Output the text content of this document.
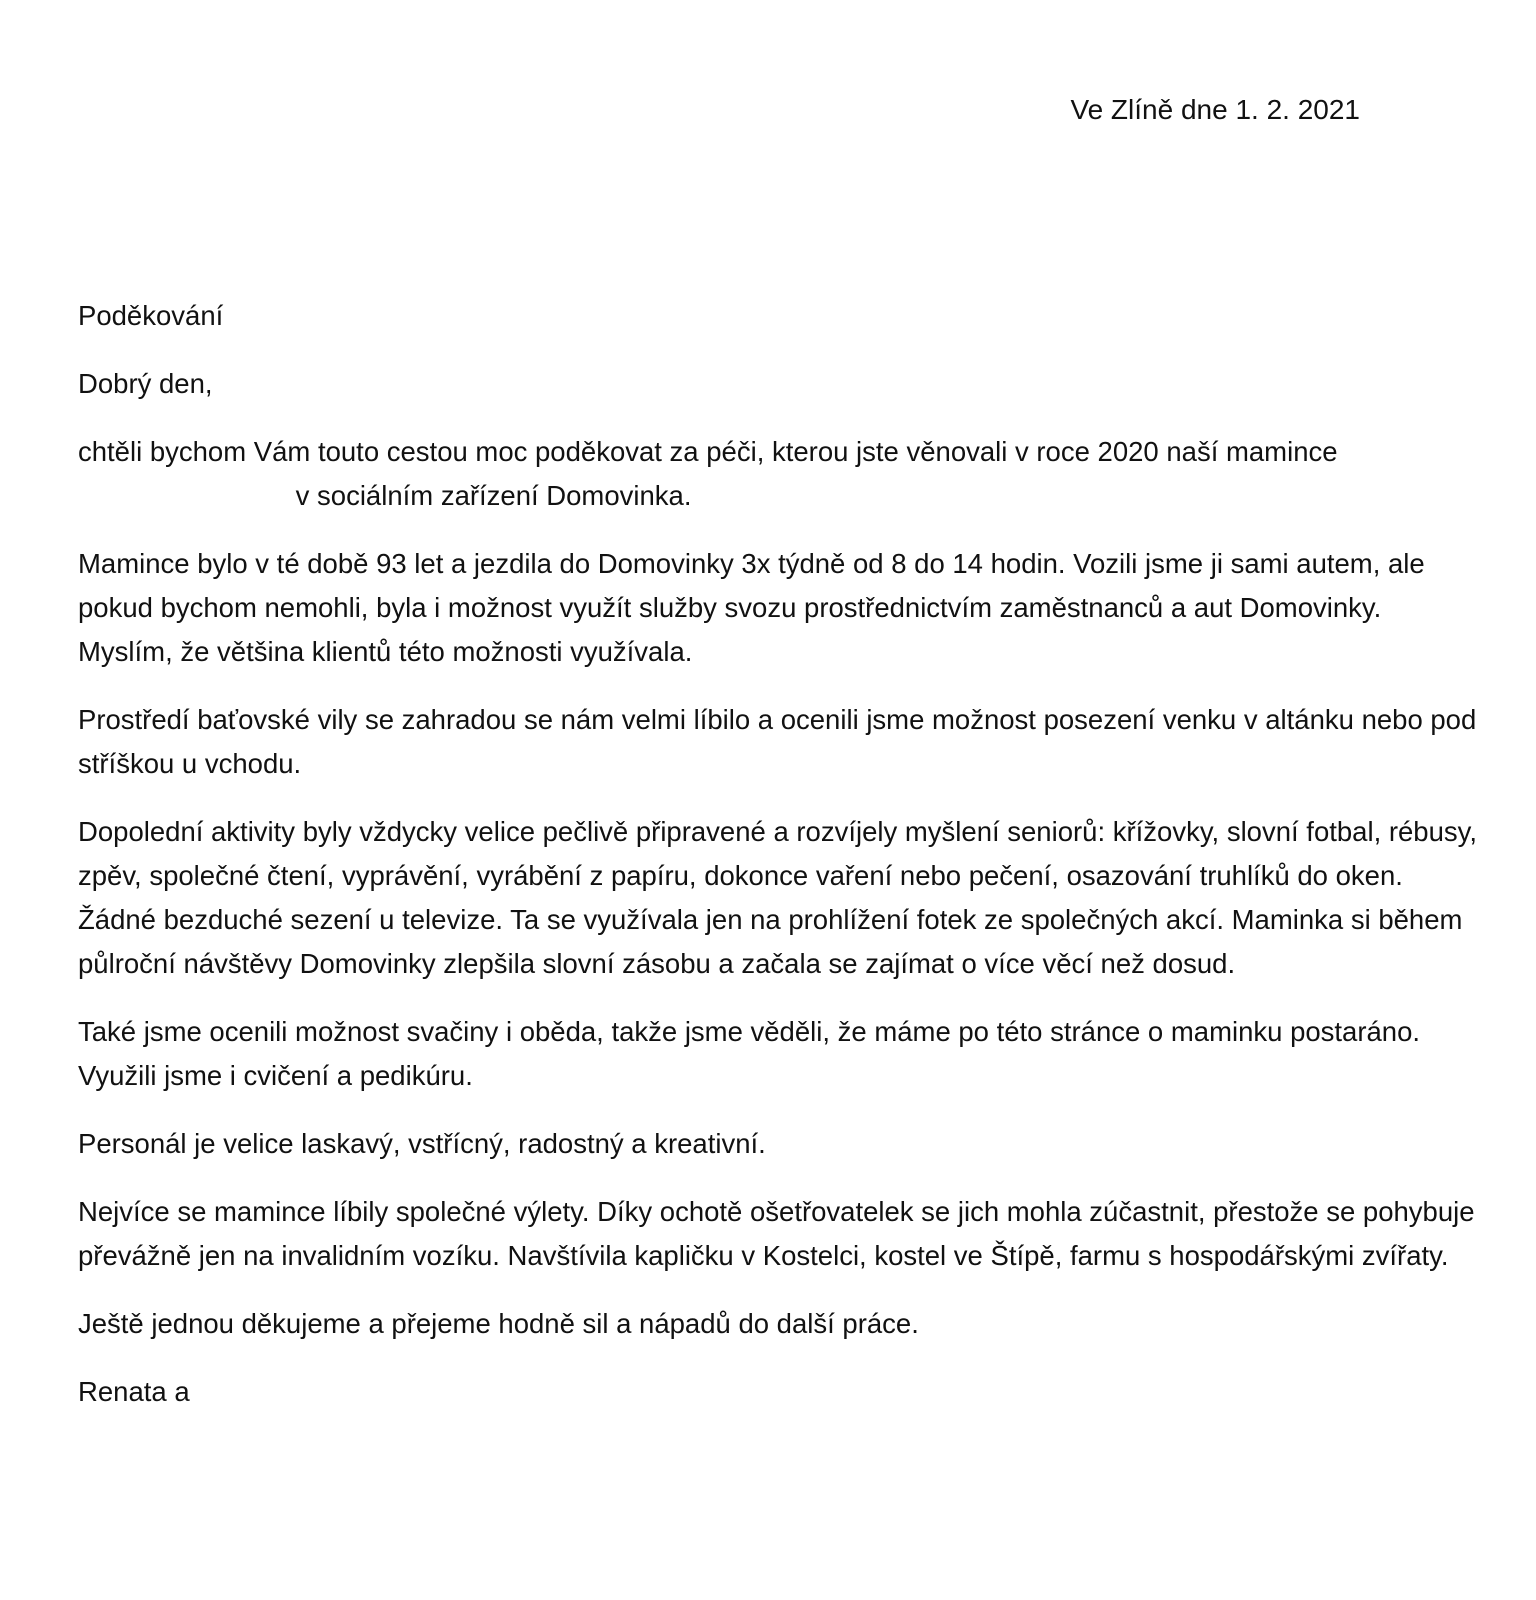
Ve Zlíně dne 1. 2. 2021

Poděkování

Dobrý den,

chtěli bychom Vám touto cestou moc poděkovat za péči, kterou jste věnovali v roce 2020 naší mamince  v sociálním zařízení Domovinka.

Mamince bylo v té době 93 let a jezdila do Domovinky 3x týdně od 8 do 14 hodin. Vozili jsme ji sami autem, ale pokud bychom nemohli, byla i možnost využít služby svozu prostřednictvím zaměstnanců a aut Domovinky. Myslím, že většina klientů této možnosti využívala.

Prostředí baťovské vily se zahradou se nám velmi líbilo a ocenili jsme možnost posezení venku v altánku nebo pod stříškou u vchodu.

Dopolední aktivity byly vždycky velice pečlivě připravené a rozvíjely myšlení seniorů: křížovky, slovní fotbal, rébusy, zpěv, společné čtení, vyprávění, vyrábění z papíru, dokonce vaření nebo pečení, osazování truhlíků do oken. Žádné bezduché sezení u televize. Ta se využívala jen na prohlížení fotek ze společných akcí. Maminka si během půlroční návštěvy Domovinky zlepšila slovní zásobu a začala se zajímat o více věcí než dosud.

Také jsme ocenili možnost svačiny i oběda, takže jsme věděli, že máme po této stránce o maminku postaráno. Využili jsme i cvičení a pedikúru.

Personál je velice laskavý, vstřícný, radostný a kreativní.

Nejvíce se mamince líbily společné výlety. Díky ochotě ošetřovatelek se jich mohla zúčastnit, přestože se pohybuje převážně jen na invalidním vozíku. Navštívila kapličku v Kostelci, kostel ve Štípě, farmu s hospodářskými zvířaty.

Ještě jednou děkujeme a přejeme hodně sil a nápadů do další práce.

Renata a
